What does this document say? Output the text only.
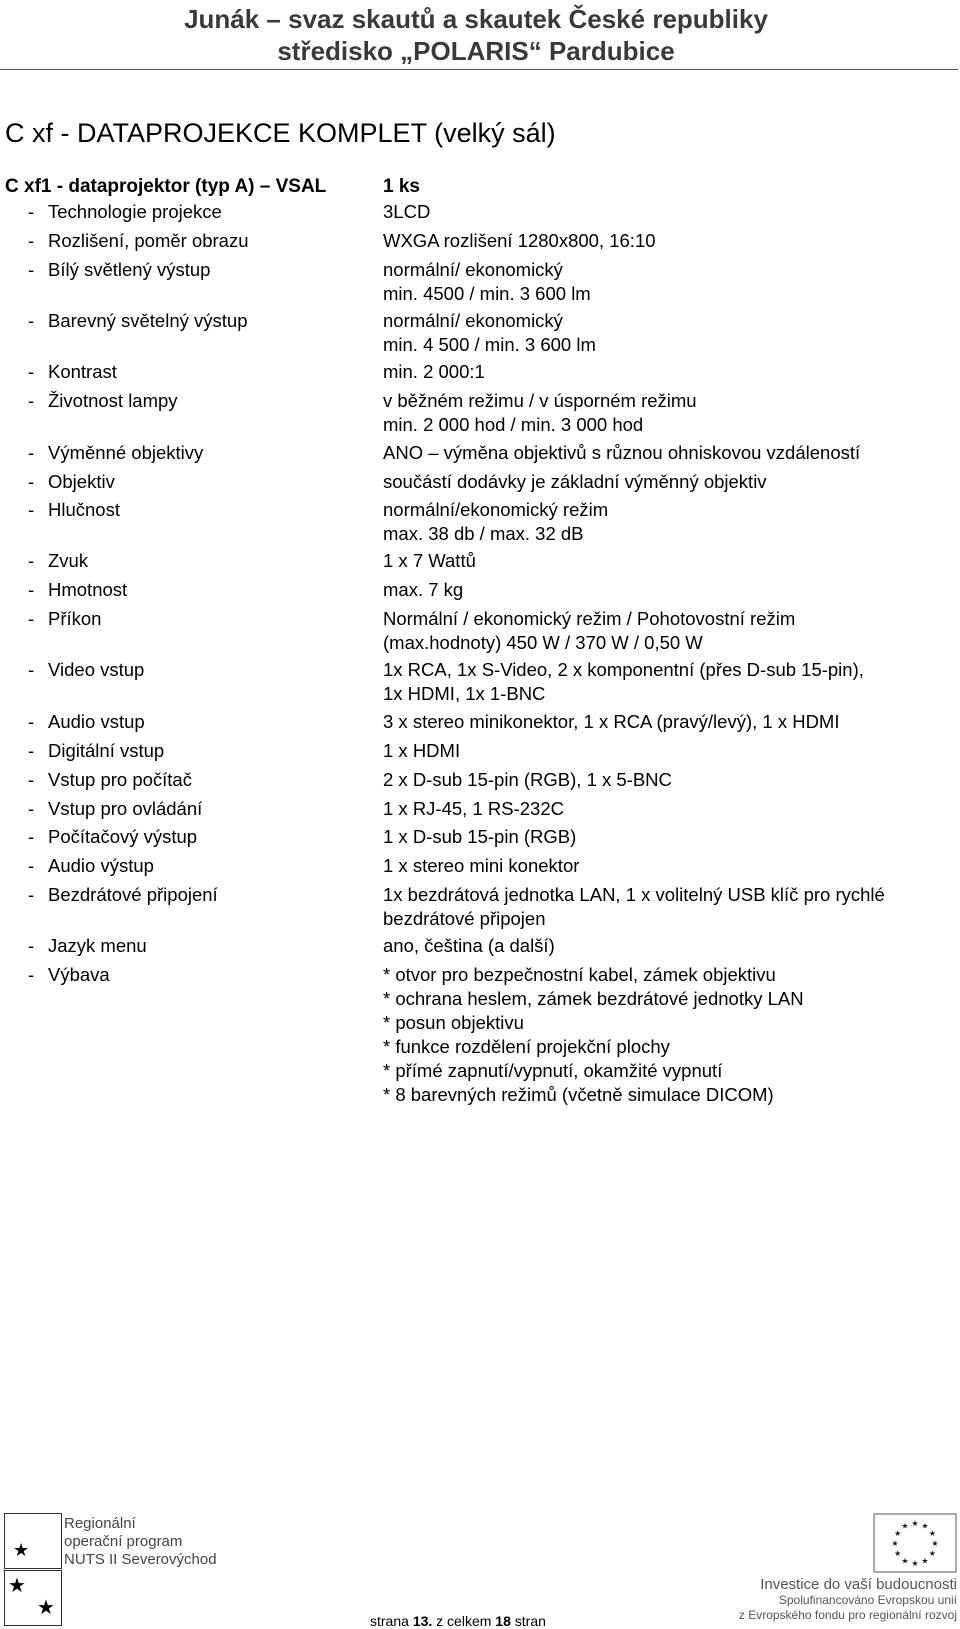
Junák – svaz skautů a skautek České republiky
středisko „POLARIS“ Pardubice
C xf - DATAPROJEKCE KOMPLET (velký sál)
C xf1 - dataprojektor (typ A) – VSAL	1 ks
- Technologie projekce	3LCD
- Rozlišení, poměr obrazu	WXGA rozlišení 1280x800, 16:10
- Bílý světlený výstup	normální/ ekonomický
min. 4500 / min. 3 600 lm
- Barevný světelný výstup	normální/ ekonomický
min. 4 500 / min. 3 600 lm
- Kontrast	min. 2 000:1
- Životnost lampy	v běžném režimu / v úsporném režimu
min. 2 000 hod / min. 3 000 hod
- Výměnné objektivy	ANO – výměna objektivů s různou ohniskovou vzdáleností
- Objektiv	součástí dodávky je základní výměnný objektiv
- Hlučnost	normální/ekonomický režim
max. 38 db / max. 32 dB
- Zvuk	1 x 7 Wattů
- Hmotnost	max. 7 kg
- Příkon	Normální / ekonomický režim / Pohotovostní režim
(max.hodnoty) 450 W / 370 W / 0,50 W
- Video vstup	1x RCA, 1x S-Video, 2 x komponentní (přes D-sub 15-pin),
1x HDMI, 1x 1-BNC
- Audio vstup	3 x stereo minikonektor, 1 x RCA (pravý/levý), 1 x HDMI
- Digitální vstup	1 x HDMI
- Vstup pro počítač	2 x D-sub 15-pin (RGB), 1 x 5-BNC
- Vstup pro ovládání	1 x RJ-45, 1 RS-232C
- Počítačový výstup	1 x D-sub 15-pin (RGB)
- Audio výstup	1 x stereo mini konektor
- Bezdrátové připojení	1x bezdrátová jednotka LAN, 1 x volitelný USB klíč pro rychlé
bezdrátové připojen
- Jazyk menu	ano, čeština (a další)
- Výbava	* otvor pro bezpečnostní kabel, zámek objektivu
* ochrana heslem, zámek bezdrátové jednotky LAN
* posun objektivu
* funkce rozdělení projekční plochy
* přímé zapnutí/vypnutí, okamžité vypnutí
* 8 barevných režimů (včetně simulace DICOM)
★
★
★
Regionální
operační program
NUTS II Severovýchod
strana 13. z celkem 18 stran
★ ★
★
★
★
★
★
★
★
★
★
★
Investice do vaší budoucnosti
Spolufinancováno Evropskou unií
z Evropského fondu pro regionální rozvoj
